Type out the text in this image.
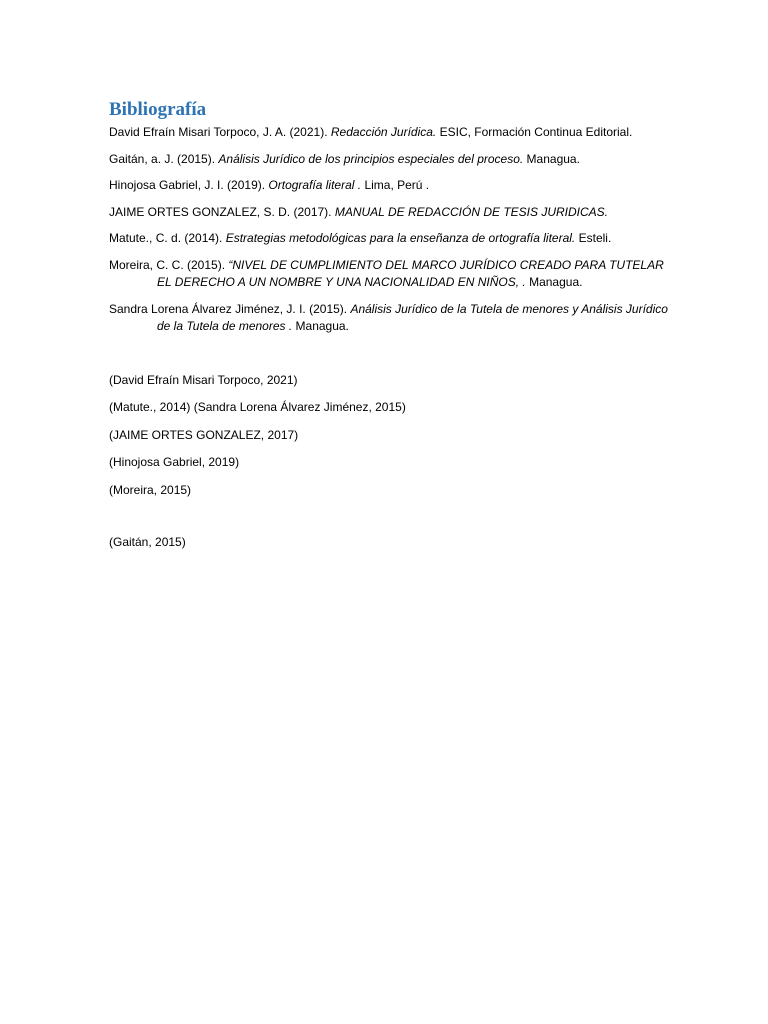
Bibliografía

David Efraín Misari Torpoco, J. A. (2021). Redacción Jurídica. ESIC, Formación Continua Editorial.

Gaitán, a. J. (2015). Análisis Jurídico de los principios especiales del proceso. Managua.

Hinojosa Gabriel, J. I. (2019). Ortografía literal . Lima, Perú .

JAIME ORTES GONZALEZ, S. D. (2017). MANUAL DE REDACCIÓN DE TESIS JURIDICAS.

Matute., C. d. (2014). Estrategias metodológicas para la enseñanza de ortografía literal. Esteli.

Moreira, C. C. (2015). “NIVEL DE CUMPLIMIENTO DEL MARCO JURÍDICO CREADO PARA TUTELAR EL DERECHO A UN NOMBRE Y UNA NACIONALIDAD EN NIÑOS, . Managua.

Sandra Lorena Álvarez Jiménez, J. I. (2015). Análisis Jurídico de la Tutela de menores y Análisis Jurídico de la Tutela de menores . Managua.

(David Efraín Misari Torpoco, 2021)

(Matute., 2014) (Sandra Lorena Álvarez Jiménez, 2015)

(JAIME ORTES GONZALEZ, 2017)

(Hinojosa Gabriel, 2019)

(Moreira, 2015)

(Gaitán, 2015)
